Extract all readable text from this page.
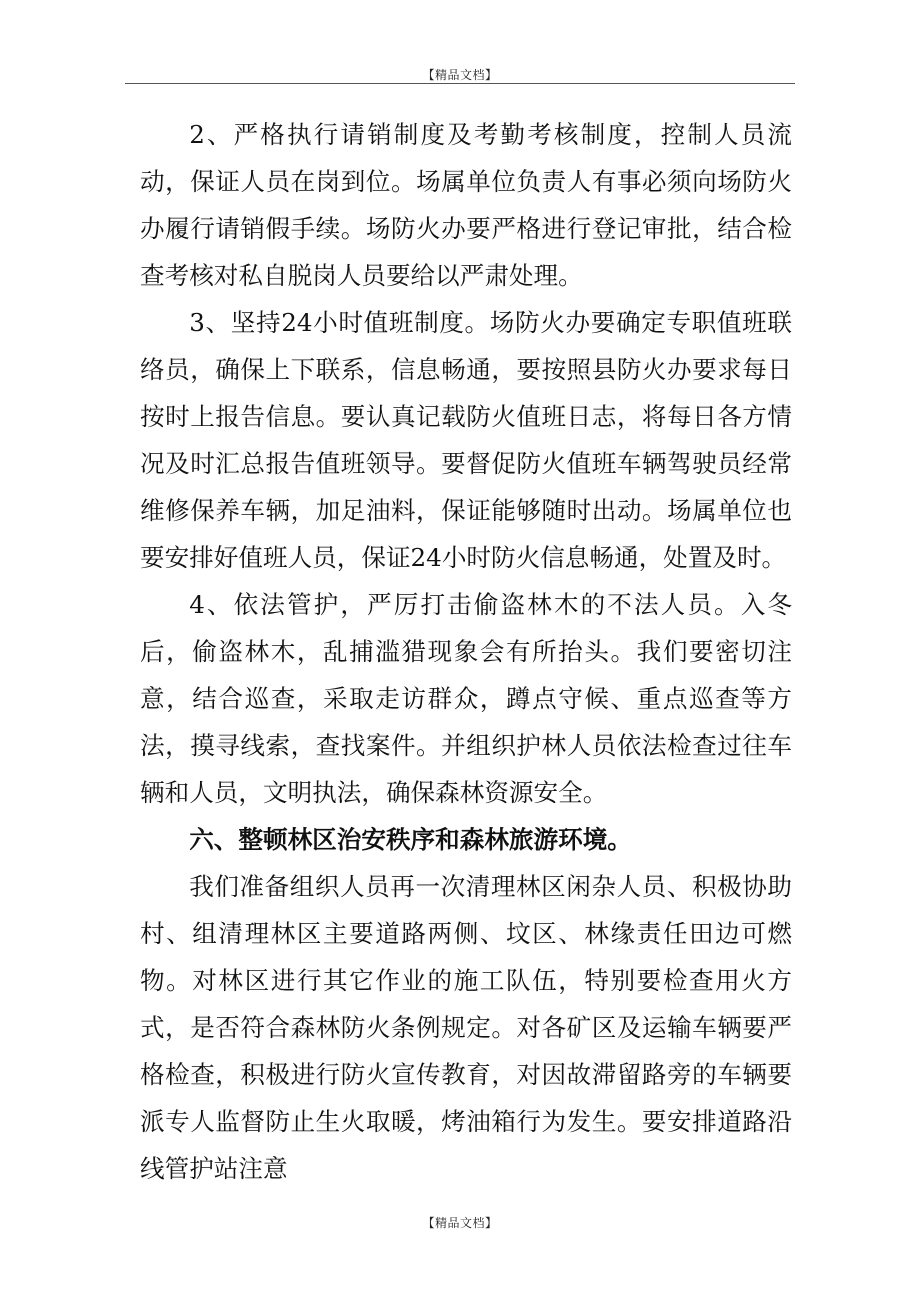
【精品文档】

2、严格执行请销制度及考勤考核制度，控制人员流动，保证人员在岗到位。场属单位负责人有事必须向场防火办履行请销假手续。场防火办要严格进行登记审批，结合检查考核对私自脱岗人员要给以严肃处理。

3、坚持24小时值班制度。场防火办要确定专职值班联络员，确保上下联系，信息畅通，要按照县防火办要求每日按时上报告信息。要认真记载防火值班日志，将每日各方情况及时汇总报告值班领导。要督促防火值班车辆驾驶员经常维修保养车辆，加足油料，保证能够随时出动。场属单位也要安排好值班人员，保证24小时防火信息畅通，处置及时。

4、依法管护，严厉打击偷盗林木的不法人员。入冬后，偷盗林木，乱捕滥猎现象会有所抬头。我们要密切注意，结合巡查，采取走访群众，蹲点守候、重点巡查等方法，摸寻线索，查找案件。并组织护林人员依法检查过往车辆和人员，文明执法，确保森林资源安全。

六、整顿林区治安秩序和森林旅游环境。

我们准备组织人员再一次清理林区闲杂人员、积极协助村、组清理林区主要道路两侧、坟区、林缘责任田边可燃物。对林区进行其它作业的施工队伍，特别要检查用火方式，是否符合森林防火条例规定。对各矿区及运输车辆要严格检查，积极进行防火宣传教育，对因故滞留路旁的车辆要派专人监督防止生火取暖，烤油箱行为发生。要安排道路沿线管护站注意

【精品文档】
